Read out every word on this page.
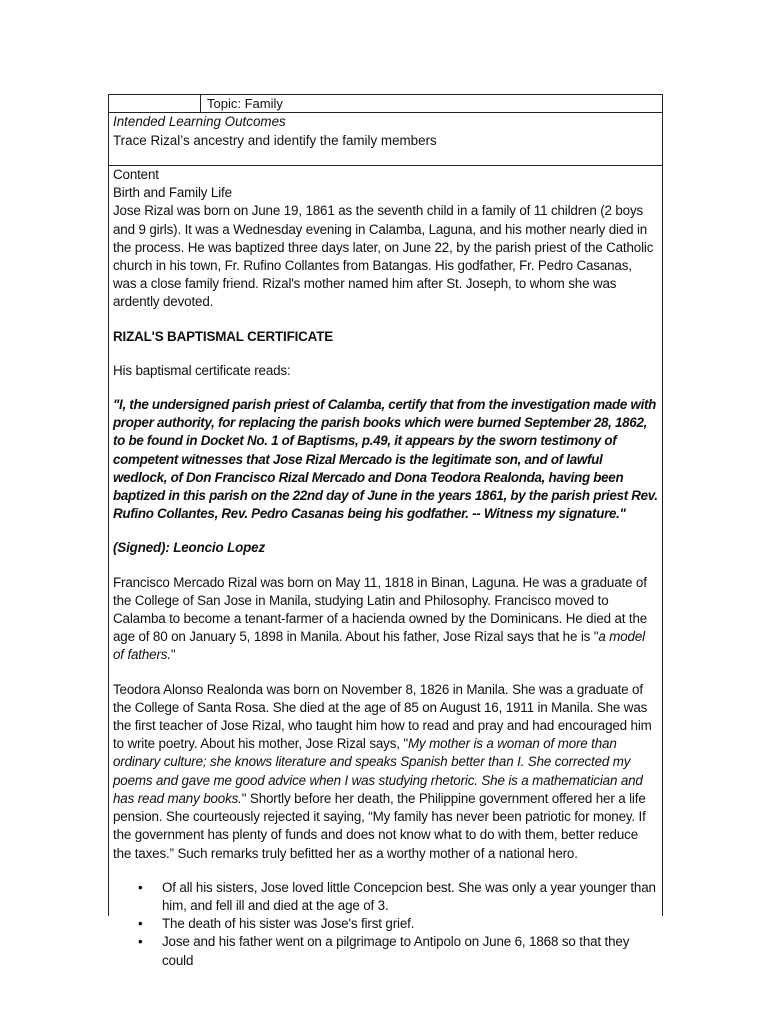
Topic: Family
Intended Learning Outcomes
Trace Rizal’s ancestry and identify the family members

Content

Birth and Family Life

Jose Rizal was born on June 19, 1861 as the seventh child in a family of 11 children (2 boys and 9 girls). It was a Wednesday evening in Calamba, Laguna, and his mother nearly died in the process. He was baptized three days later, on June 22, by the parish priest of the Catholic church in his town, Fr. Rufino Collantes from Batangas. His godfather, Fr. Pedro Casanas, was a close family friend. Rizal's mother named him after St. Joseph, to whom she was ardently devoted.

RIZAL'S BAPTISMAL CERTIFICATE

His baptismal certificate reads:

"I, the undersigned parish priest of Calamba, certify that from the investigation made with proper authority, for replacing the parish books which were burned September 28, 1862, to be found in Docket No. 1 of Baptisms, p.49, it appears by the sworn testimony of competent witnesses that Jose Rizal Mercado is the legitimate son, and of lawful wedlock, of Don Francisco Rizal Mercado and Dona Teodora Realonda, having been baptized in this parish on the 22nd day of June in the years 1861, by the parish priest Rev. Rufino Collantes, Rev. Pedro Casanas being his godfather. -- Witness my signature."

(Signed): Leoncio Lopez

Francisco Mercado Rizal was born on May 11, 1818 in Binan, Laguna. He was a graduate of the College of San Jose in Manila, studying Latin and Philosophy. Francisco moved to Calamba to become a tenant-farmer of a hacienda owned by the Dominicans. He died at the age of 80 on January 5, 1898 in Manila. About his father, Jose Rizal says that he is "a model of fathers."

Teodora Alonso Realonda was born on November 8, 1826 in Manila. She was a graduate of the College of Santa Rosa. She died at the age of 85 on August 16, 1911 in Manila. She was the first teacher of Jose Rizal, who taught him how to read and pray and had encouraged him to write poetry. About his mother, Jose Rizal says, "My mother is a woman of more than ordinary culture; she knows literature and speaks Spanish better than I. She corrected my poems and gave me good advice when I was studying rhetoric. She is a mathematician and has read many books." Shortly before her death, the Philippine government offered her a life pension. She courteously rejected it saying, “My family has never been patriotic for money. If the government has plenty of funds and does not know what to do with them, better reduce the taxes.” Such remarks truly befitted her as a worthy mother of a national hero.

• Of all his sisters, Jose loved little Concepcion best. She was only a year younger than him, and fell ill and died at the age of 3.
• The death of his sister was Jose's first grief.
• Jose and his father went on a pilgrimage to Antipolo on June 6, 1868 so that they could
